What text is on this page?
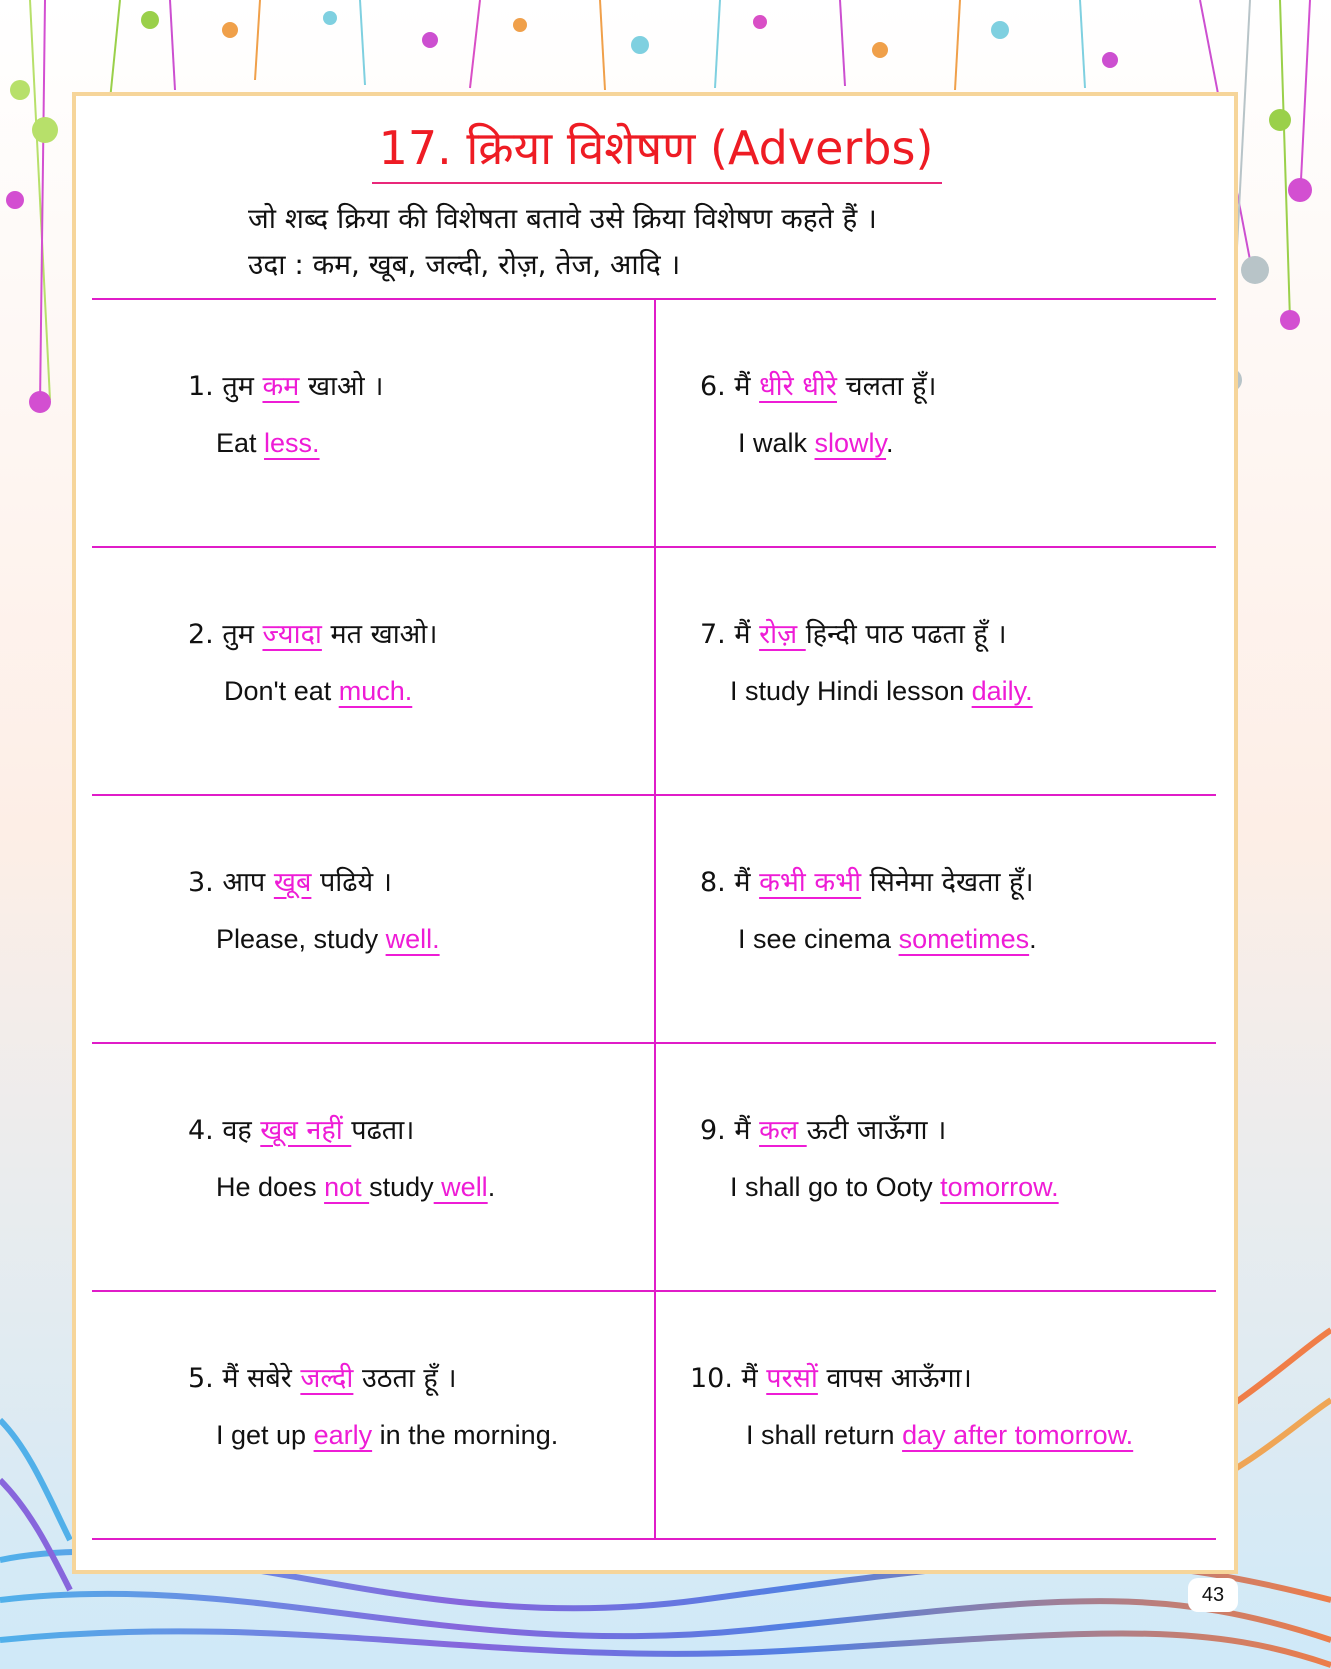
17. क्रिया विशेषण (Adverbs)
जो शब्द क्रिया की विशेषता बतावे उसे क्रिया विशेषण कहते हैं ।
उदा : कम, खूब, जल्दी, रोज़, तेज, आदि ।
1. तुम कम खाओ ।
Eat less.
2. तुम ज्यादा मत खाओ।
Don't eat much.
3. आप खूब पढिये ।
Please, study well.
4. वह खूब नहीं पढता।
He does not study well.
5. मैं सबेरे जल्दी उठता हूँ ।
I get up early in the morning.
6. मैं धीरे धीरे चलता हूँ।
I walk slowly.
7. मैं रोज़ हिन्दी पाठ पढता हूँ ।
I study Hindi lesson daily.
8. मैं कभी कभी सिनेमा देखता हूँ।
I see cinema sometimes.
9. मैं कल ऊटी जाऊँगा ।
I shall go to Ooty tomorrow.
10. मैं परसों वापस आऊँगा।
I shall return day after tomorrow.
43
